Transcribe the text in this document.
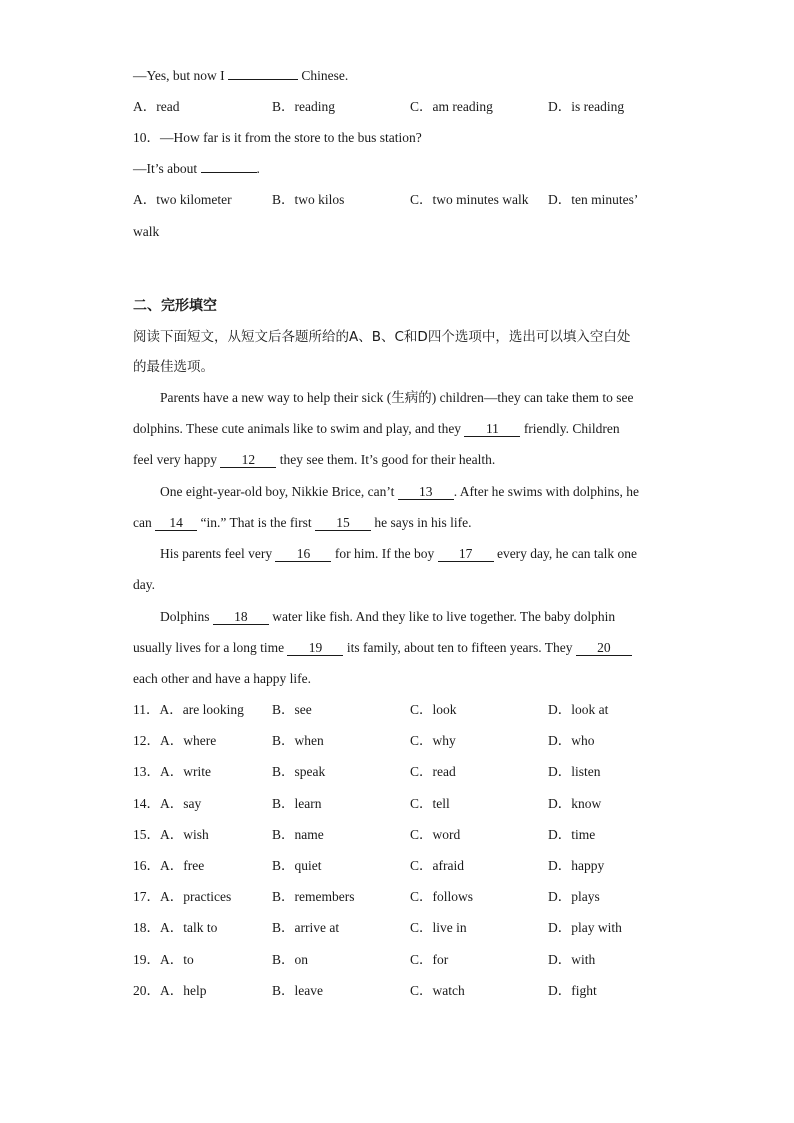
—Yes, but now I	Chinese.
A．read	B．reading	C．am reading	D．is reading
10．—How far is it from the store to the bus station?
—It’s about	.
A．two kilometer	B．two kilos	C．two minutes walk D．ten minutes’
walk
二、完形填空
阅读下面短文，从短文后各题所给的A、B、C和D四个选项中，选出可以填入空白处
的最佳选项。
Parents have a new way to help their sick (生病的) children—they can take them to see
dolphins. These cute animals like to swim and play, and they 11 friendly. Children
feel very happy 12 they see them. It’s good for their health.
One eight-year-old boy, Nikkie Brice, can’t 13 . After he swims with dolphins, he
can 14 “in.” That is the first 15 he says in his life.
His parents feel very 16 for him. If the boy 17 every day, he can talk one
day.
Dolphins 18 water like fish. And they like to live together. The baby dolphin
usually lives for a long time 19 its family, about ten to fifteen years. They 20
each other and have a happy life.
11．A．are looking B．see	C．look	D．look at
12．A．where	B．when	C．why	D．who
13．A．write	B．speak	C．read	D．listen
14．A．say	B．learn	C．tell	D．know
15．A．wish	B．name	C．word	D．time
16．A．free	B．quiet	C．afraid	D．happy
17．A．practices	B．remembers	C．follows	D．plays
18．A．talk to	B．arrive at	C．live in	D．play with
19．A．to	B．on	C．for	D．with
20．A．help	B．leave	C．watch	D．fight
